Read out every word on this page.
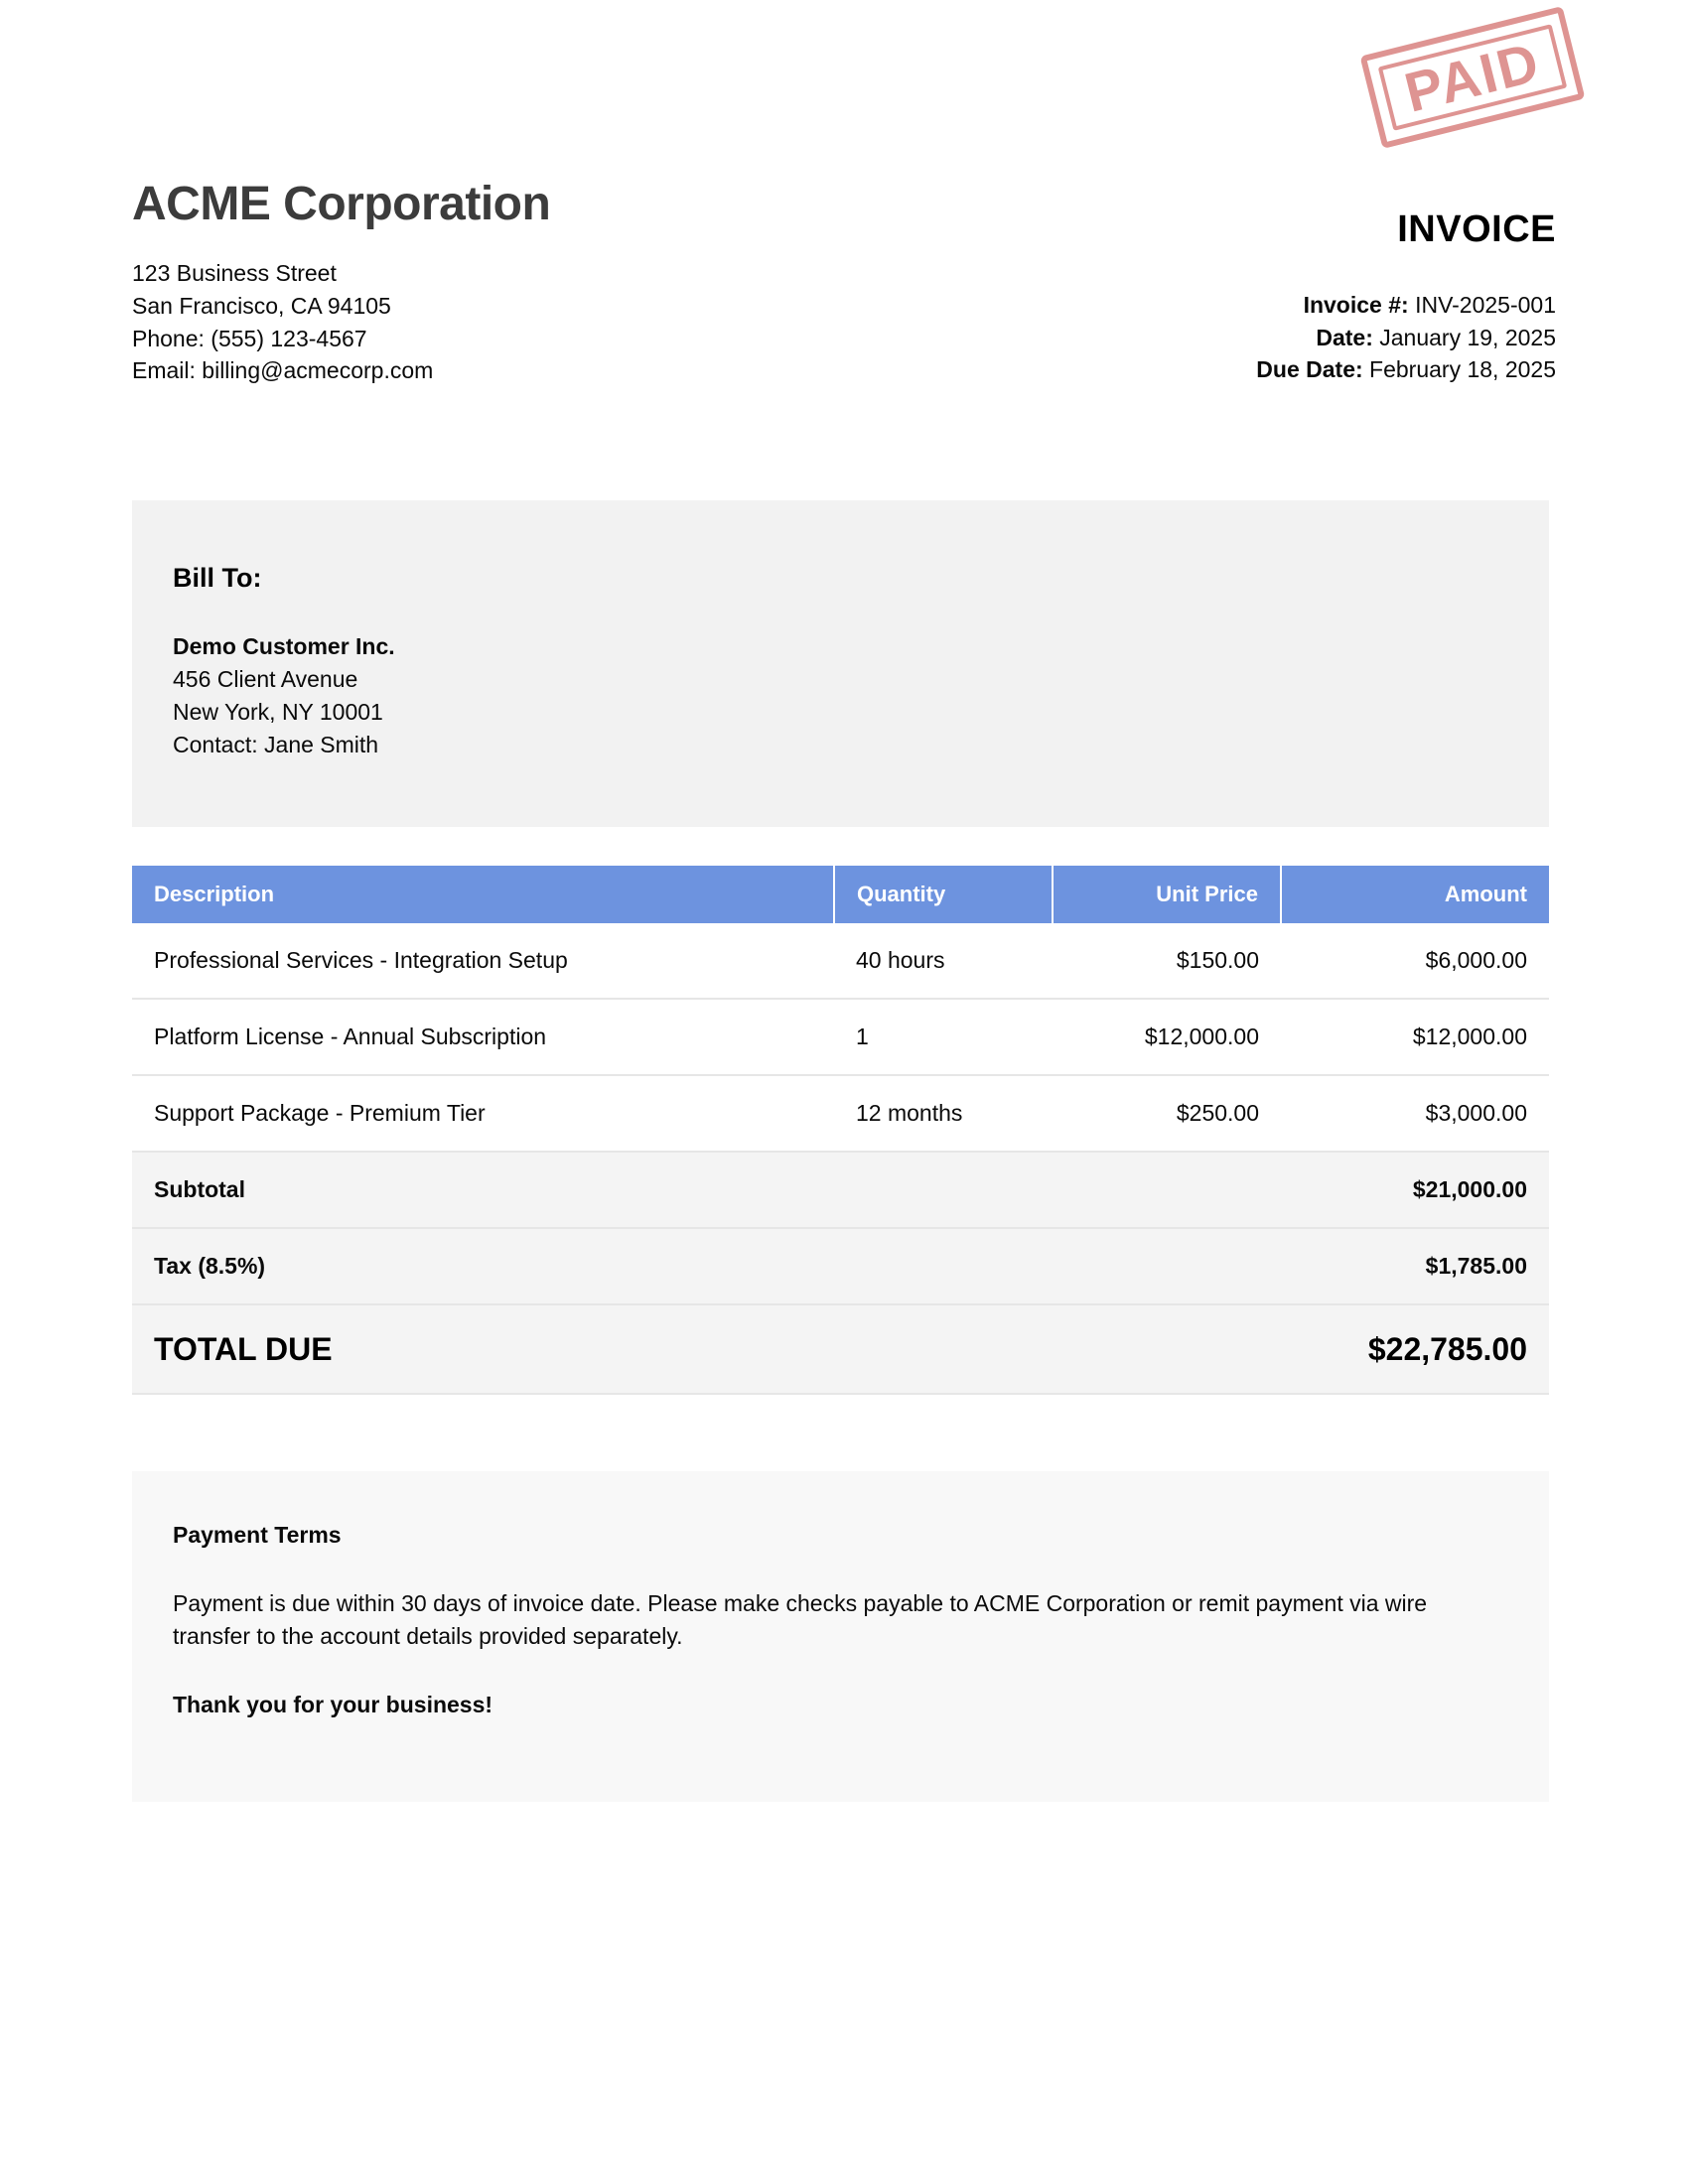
PAID
ACME Corporation
123 Business Street
San Francisco, CA 94105
Phone: (555) 123-4567
Email: billing@acmecorp.com
INVOICE
Invoice #: INV-2025-001
Date: January 19, 2025
Due Date: February 18, 2025
Bill To:
Demo Customer Inc.
456 Client Avenue
New York, NY 10001
Contact: Jane Smith
Description	Quantity	Unit Price	Amount
Professional Services - Integration Setup	40 hours	$150.00	$6,000.00
Platform License - Annual Subscription	1	$12,000.00	$12,000.00
Support Package - Premium Tier	12 months	$250.00	$3,000.00
Subtotal			$21,000.00
Tax (8.5%)			$1,785.00
TOTAL DUE			$22,785.00
Payment Terms
Payment is due within 30 days of invoice date. Please make checks payable to ACME Corporation or remit payment via wire transfer to the account details provided separately.
Thank you for your business!
